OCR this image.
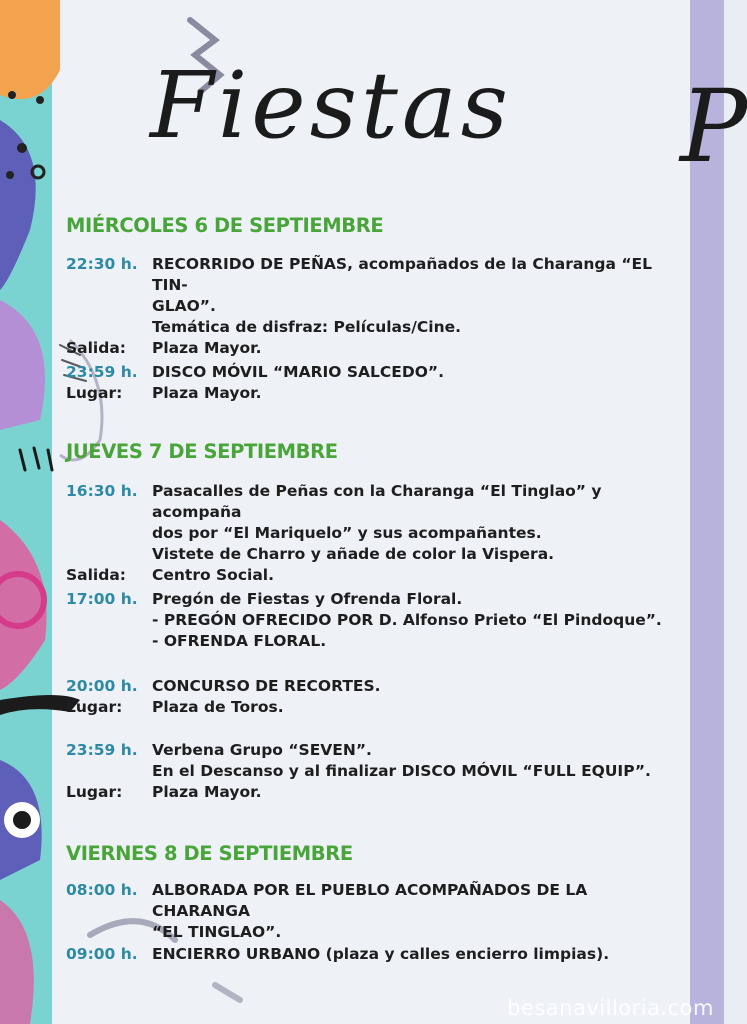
Fiestas P
MIÉRCOLES 6 DE SEPTIEMBRE
22:30 h. RECORRIDO DE PEÑAS, acompañados de la Charanga “EL TIN-
GLAO”.
Temática de disfraz: Películas/Cine.
Salida:	Plaza Mayor.
23:59 h. DISCO MÓVIL “MARIO SALCEDO”.
Lugar:	Plaza Mayor.
JUEVES 7 DE SEPTIEMBRE
16:30 h. Pasacalles de Peñas con la Charanga “El Tinglao” y acompaña
dos por “El Mariquelo” y sus acompañantes.
Vistete de Charro y añade de color la Vispera.
Salida:	Centro Social.
17:00 h. Pregón de Fiestas y Ofrenda Floral.
- PREGÓN OFRECIDO POR D. Alfonso Prieto “El Pindoque”.
- OFRENDA FLORAL.
20:00 h. CONCURSO DE RECORTES.
Lugar:	Plaza de Toros.
23:59 h. Verbena Grupo “SEVEN”.
En el Descanso y al finalizar DISCO MÓVIL “FULL EQUIP”.
Lugar:	Plaza Mayor.
VIERNES 8 DE SEPTIEMBRE
08:00 h. ALBORADA POR EL PUEBLO ACOMPAÑADOS DE LA CHARANGA
“EL TINGLAO”.
09:00 h. ENCIERRO URBANO (plaza y calles encierro limpias).
besanavilloria.com
